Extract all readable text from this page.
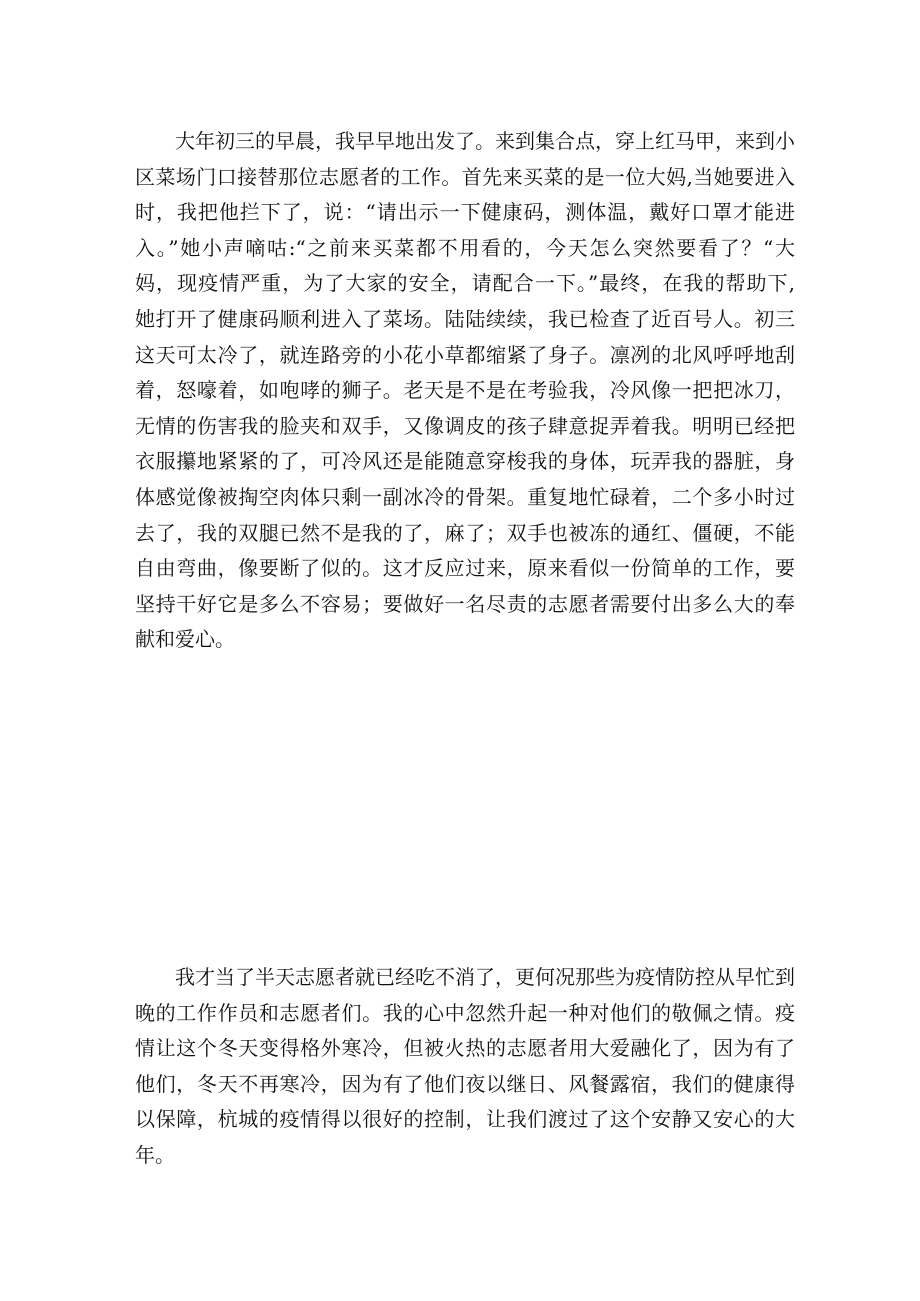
　　大年初三的早晨，我早早地出发了。来到集合点，穿上红马甲，来到小
区菜场门口接替那位志愿者的工作。首先来买菜的是一位大妈,当她要进入
时，我把他拦下了，说：“请出示一下健康码，测体温，戴好口罩才能进
入。”她小声嘀咕:“之前来买菜都不用看的，今天怎么突然要看了？“大
妈，现疫情严重，为了大家的安全，请配合一下。”最终，在我的帮助下,
她打开了健康码顺利进入了菜场。陆陆续续，我已检查了近百号人。初三
这天可太冷了，就连路旁的小花小草都缩紧了身子。凛冽的北风呼呼地刮
着，怒嚎着，如咆哮的狮子。老天是不是在考验我，冷风像一把把冰刀，
无情的伤害我的脸夹和双手，又像调皮的孩子肆意捉弄着我。明明已经把
衣服攥地紧紧的了，可冷风还是能随意穿梭我的身体，玩弄我的器脏，身
体感觉像被掏空肉体只剩一副冰冷的骨架。重复地忙碌着，二个多小时过
去了，我的双腿已然不是我的了，麻了；双手也被冻的通红、僵硬，不能
自由弯曲，像要断了似的。这才反应过来，原来看似一份简单的工作，要
坚持干好它是多么不容易；要做好一名尽责的志愿者需要付出多么大的奉
献和爱心。
　　我才当了半天志愿者就已经吃不消了，更何况那些为疫情防控从早忙到
晚的工作作员和志愿者们。我的心中忽然升起一种对他们的敬佩之情。疫
情让这个冬天变得格外寒冷，但被火热的志愿者用大爱融化了，因为有了
他们，冬天不再寒冷，因为有了他们夜以继日、风餐露宿，我们的健康得
以保障，杭城的疫情得以很好的控制，让我们渡过了这个安静又安心的大
年。
